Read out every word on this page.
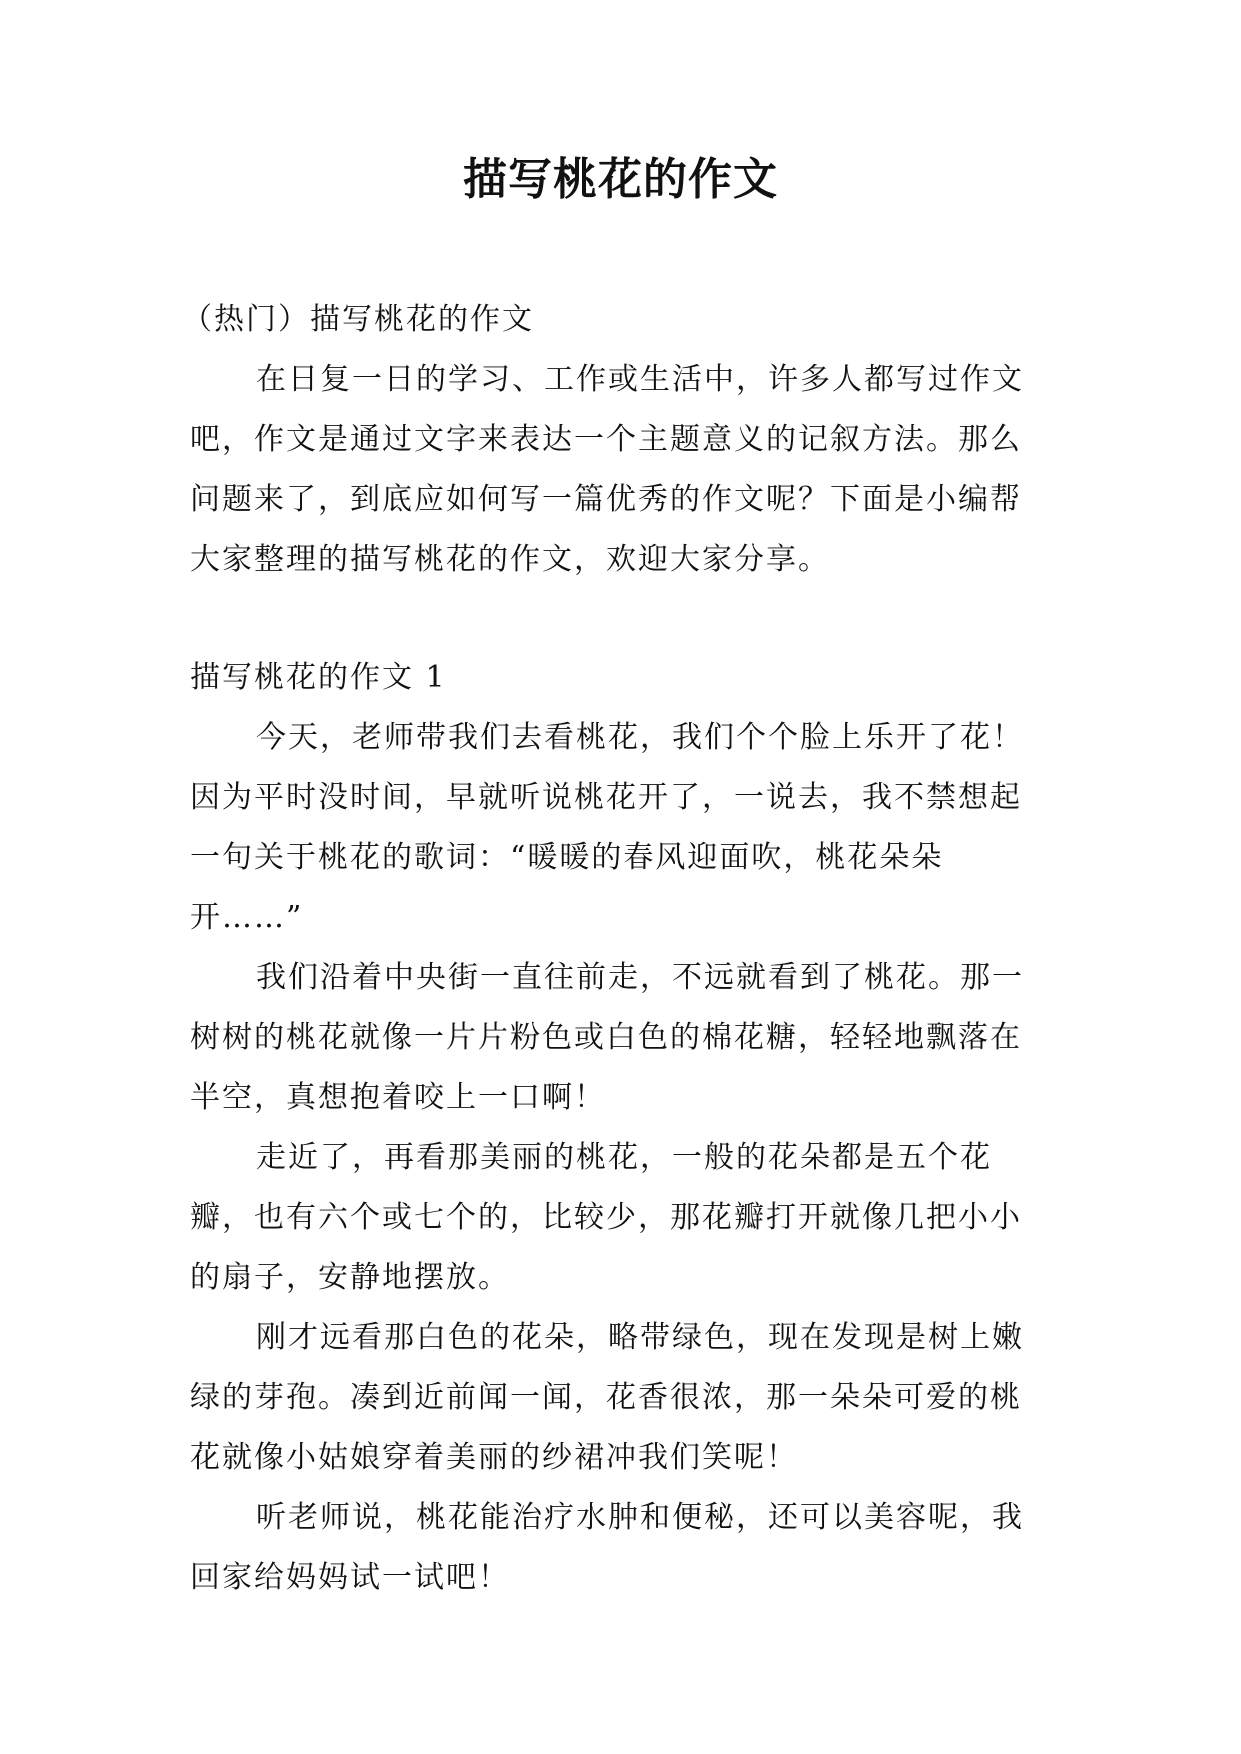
描写桃花的作文

（热门）描写桃花的作文

在日复一日的学习、工作或生活中，许多人都写过作文吧，作文是通过文字来表达一个主题意义的记叙方法。那么问题来了，到底应如何写一篇优秀的作文呢？下面是小编帮大家整理的描写桃花的作文，欢迎大家分享。

描写桃花的作文 1

今天，老师带我们去看桃花，我们个个脸上乐开了花！因为平时没时间，早就听说桃花开了，一说去，我不禁想起一句关于桃花的歌词：“暖暖的春风迎面吹，桃花朵朵开……”

我们沿着中央街一直往前走，不远就看到了桃花。那一树树的桃花就像一片片粉色或白色的棉花糖，轻轻地飘落在半空，真想抱着咬上一口啊！

走近了，再看那美丽的桃花，一般的花朵都是五个花瓣，也有六个或七个的，比较少，那花瓣打开就像几把小小的扇子，安静地摆放。

刚才远看那白色的花朵，略带绿色，现在发现是树上嫩绿的芽孢。凑到近前闻一闻，花香很浓，那一朵朵可爱的桃花就像小姑娘穿着美丽的纱裙冲我们笑呢！

听老师说，桃花能治疗水肿和便秘，还可以美容呢，我回家给妈妈试一试吧！
